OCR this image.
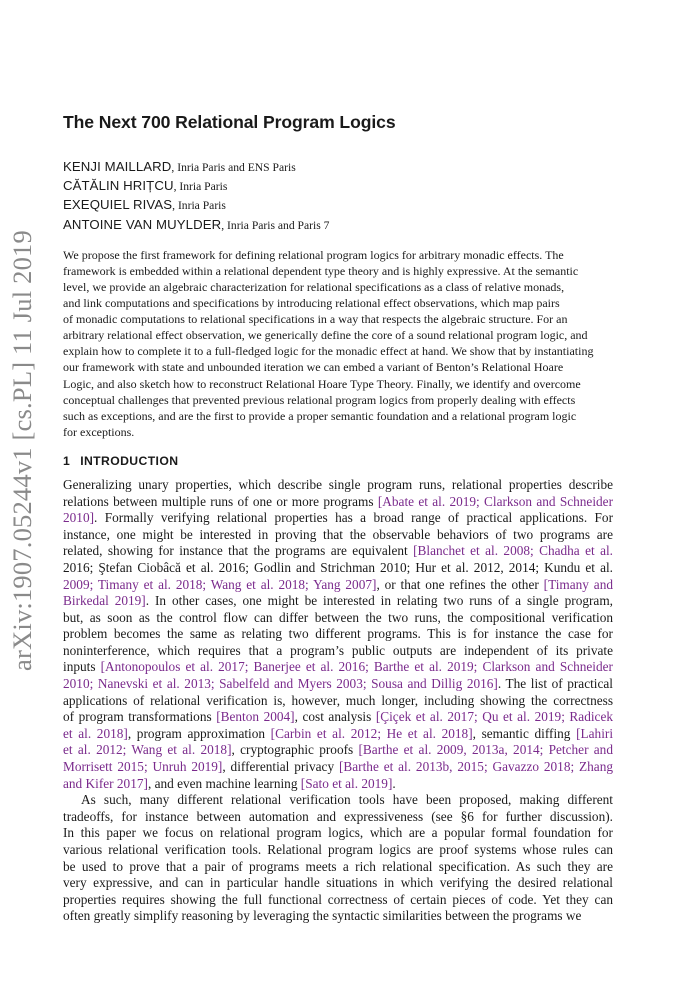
arXiv:1907.05244v1 [cs.PL] 11 Jul 2019
The Next 700 Relational Program Logics
KENJI MAILLARD, Inria Paris and ENS Paris
CĂTĂLIN HRIȚCU, Inria Paris
EXEQUIEL RIVAS, Inria Paris
ANTOINE VAN MUYLDER, Inria Paris and Paris 7
We propose the first framework for defining relational program logics for arbitrary monadic effects. The
framework is embedded within a relational dependent type theory and is highly expressive. At the semantic
level, we provide an algebraic characterization for relational specifications as a class of relative monads,
and link computations and specifications by introducing relational effect observations, which map pairs
of monadic computations to relational specifications in a way that respects the algebraic structure. For an
arbitrary relational effect observation, we generically define the core of a sound relational program logic, and
explain how to complete it to a full-fledged logic for the monadic effect at hand. We show that by instantiating
our framework with state and unbounded iteration we can embed a variant of Benton’s Relational Hoare
Logic, and also sketch how to reconstruct Relational Hoare Type Theory. Finally, we identify and overcome
conceptual challenges that prevented previous relational program logics from properly dealing with effects
such as exceptions, and are the first to provide a proper semantic foundation and a relational program logic
for exceptions.
1 INTRODUCTION

Generalizing unary properties, which describe single program runs, relational properties describe
relations between multiple runs of one or more programs [Abate et al. 2019; Clarkson and Schneider
2010]. Formally verifying relational properties has a broad range of practical applications. For
instance, one might be interested in proving that the observable behaviors of two programs are
related, showing for instance that the programs are equivalent [Blanchet et al. 2008; Chadha et al.
2016; Ştefan Ciobâcă et al. 2016; Godlin and Strichman 2010; Hur et al. 2012, 2014; Kundu et al.
2009; Timany et al. 2018; Wang et al. 2018; Yang 2007], or that one refines the other [Timany and
Birkedal 2019]. In other cases, one might be interested in relating two runs of a single program,
but, as soon as the control flow can differ between the two runs, the compositional verification
problem becomes the same as relating two different programs. This is for instance the case for
noninterference, which requires that a program’s public outputs are independent of its private
inputs [Antonopoulos et al. 2017; Banerjee et al. 2016; Barthe et al. 2019; Clarkson and Schneider
2010; Nanevski et al. 2013; Sabelfeld and Myers 2003; Sousa and Dillig 2016]. The list of practical
applications of relational verification is, however, much longer, including showing the correctness
of program transformations [Benton 2004], cost analysis [Çiçek et al. 2017; Qu et al. 2019; Radicek
et al. 2018], program approximation [Carbin et al. 2012; He et al. 2018], semantic diffing [Lahiri
et al. 2012; Wang et al. 2018], cryptographic proofs [Barthe et al. 2009, 2013a, 2014; Petcher and
Morrisett 2015; Unruh 2019], differential privacy [Barthe et al. 2013b, 2015; Gavazzo 2018; Zhang
and Kifer 2017], and even machine learning [Sato et al. 2019].

As such, many different relational verification tools have been proposed, making different
tradeoffs, for instance between automation and expressiveness (see §6 for further discussion).
In this paper we focus on relational program logics, which are a popular formal foundation for
various relational verification tools. Relational program logics are proof systems whose rules can
be used to prove that a pair of programs meets a rich relational specification. As such they are
very expressive, and can in particular handle situations in which verifying the desired relational
properties requires showing the full functional correctness of certain pieces of code. Yet they can
often greatly simplify reasoning by leveraging the syntactic similarities between the programs we
